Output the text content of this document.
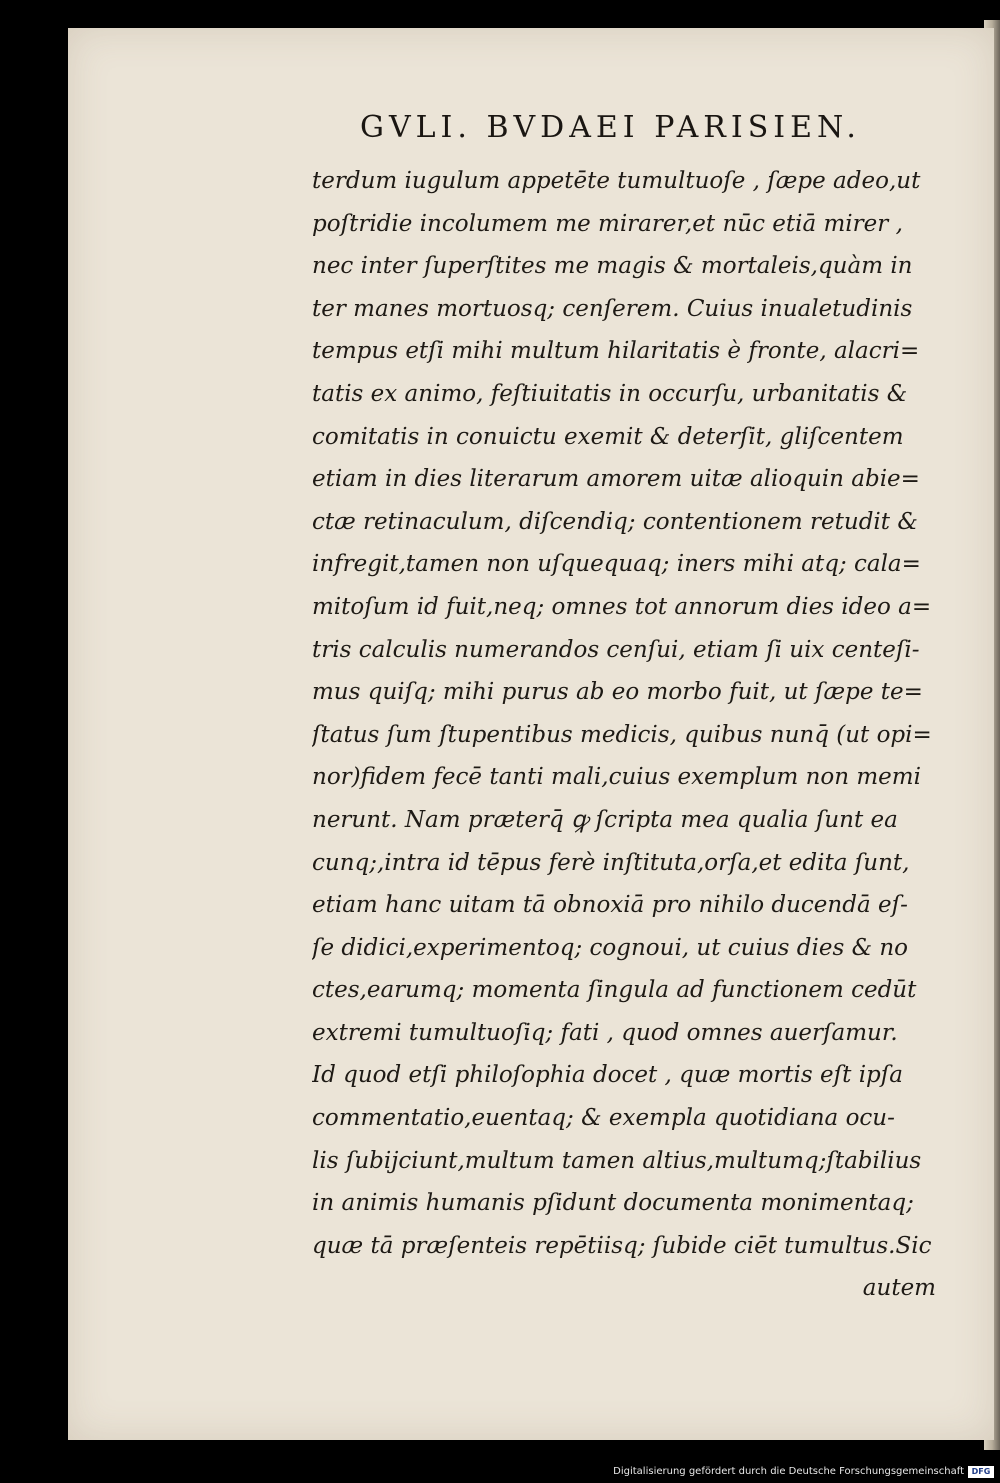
GVLI. BVDAEI PARISIEN.
terdum iugulum appetēte tumultuoſe , ſæpe adeo,ut
poſtridie incolumem me mirarer,et nūc etiā mirer ,
nec inter ſuperſtites me magis & mortaleis,quàm in
ter manes mortuosq; cenſerem. Cuius inualetudinis
tempus etſi mihi multum hilaritatis è fronte, alacri=
tatis ex animo, feſtiuitatis in occurſu, urbanitatis &
comitatis in conuictu exemit & deterſit, gliſcentem
etiam in dies literarum amorem uitæ alioquin abie=
ctæ retinaculum, diſcendiq; contentionem retudit &
infregit,tamen non uſquequaq; iners mihi atq; cala=
mitoſum id fuit,neq; omnes tot annorum dies ideo a=
tris calculis numerandos cenſui, etiam ſi uix centeſi-
mus quiſq; mihi purus ab eo morbo fuit, ut ſæpe te=
ſtatus ſum ſtupentibus medicis, quibus nunq̄ (ut opi=
nor)fidem fecē tanti mali,cuius exemplum non memi
nerunt. Nam præterq̄ ꝙ ſcripta mea qualia ſunt ea
cunq;,intra id tēpus ferè inſtituta,orſa,et edita ſunt,
etiam hanc uitam tā obnoxiā pro nihilo ducendā eſ-
ſe didici,experimentoq; cognoui, ut cuius dies & no
ctes,earumq; momenta ſingula ad functionem cedūt
extremi tumultuoſiq; fati , quod omnes auerſamur.
Id quod etſi philoſophia docet , quæ mortis eſt ipſa
commentatio,euentaq; & exempla quotidiana ocu-
lis ſubijciunt,multum tamen altius,multumq;ſtabilius
in animis humanis pſidunt documenta monimentaq;
quæ tā præſenteis repētiisq; ſubide ciēt tumultus.Sic
autem
Digitalisierung gefördert durch die Deutsche Forschungsgemeinschaft DFG
